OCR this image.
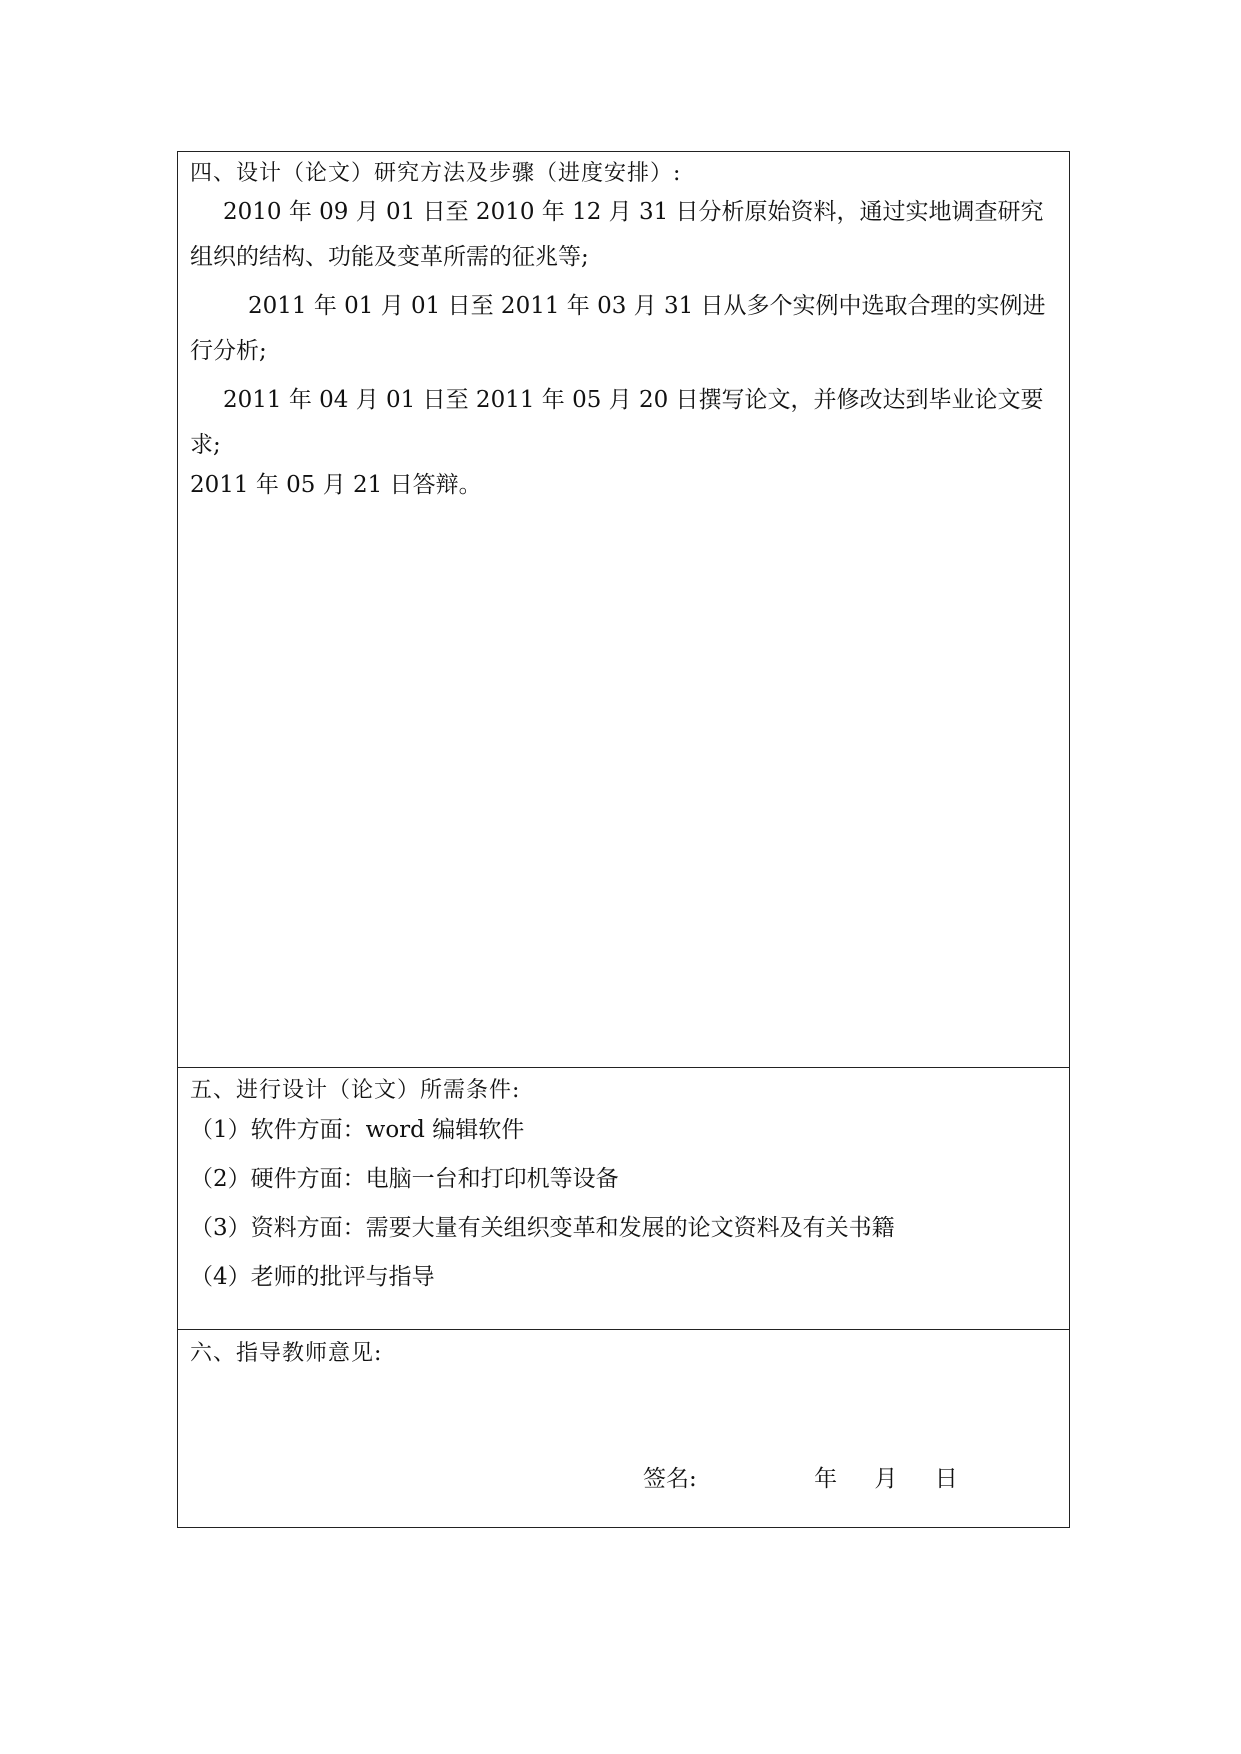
四、设计（论文）研究方法及步骤（进度安排）:
2010 年 09 月 01 日至 2010 年 12 月 31 日分析原始资料，通过实地调查研究
组织的结构、功能及变革所需的征兆等;
2011 年 01 月 01 日至 2011 年 03 月 31 日从多个实例中选取合理的实例进
行分析;
2011 年 04 月 01 日至 2011 年 05 月 20 日撰写论文，并修改达到毕业论文要
求;
2011 年 05 月 21 日答辩。
五、进行设计（论文）所需条件:
（1）软件方面：word 编辑软件
（2）硬件方面：电脑一台和打印机等设备
（3）资料方面：需要大量有关组织变革和发展的论文资料及有关书籍
（4）老师的批评与指导
六、指导教师意见:
签名:	年 月 日
